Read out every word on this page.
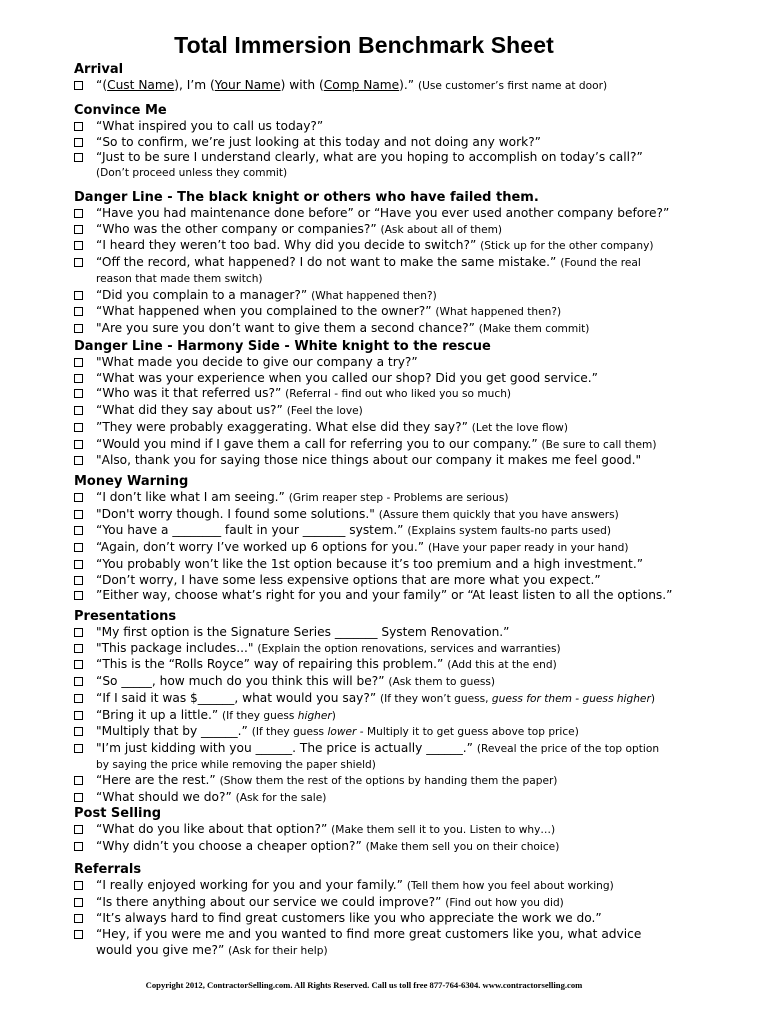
Total Immersion Benchmark Sheet
Arrival
“(Cust Name), I’m (Your Name) with (Comp Name).” (Use customer’s first name at door)
Convince Me
“What inspired you to call us today?”
“So to confirm, we’re just looking at this today and not doing any work?”
“Just to be sure I understand clearly, what are you hoping to accomplish on today’s call?”
(Don’t proceed unless they commit)
Danger Line - The black knight or others who have failed them.
“Have you had maintenance done before” or “Have you ever used another company before?”
“Who was the other company or companies?” (Ask about all of them)
“I heard they weren’t too bad. Why did you decide to switch?” (Stick up for the other company)
“Off the record, what happened? I do not want to make the same mistake.” (Found the real
reason that made them switch)
“Did you complain to a manager?” (What happened then?)
“What happened when you complained to the owner?” (What happened then?)
"Are you sure you don’t want to give them a second chance?” (Make them commit)
Danger Line - Harmony Side - White knight to the rescue
"What made you decide to give our company a try?”
“What was your experience when you called our shop? Did you get good service.”
“Who was it that referred us?” (Referral - find out who liked you so much)
“What did they say about us?” (Feel the love)
”They were probably exaggerating. What else did they say?” (Let the love flow)
“Would you mind if I gave them a call for referring you to our company.” (Be sure to call them)
"Also, thank you for saying those nice things about our company it makes me feel good."
Money Warning
“I don’t like what I am seeing.” (Grim reaper step - Problems are serious)
"Don't worry though. I found some solutions." (Assure them quickly that you have answers)
“You have a ________ fault in your _______ system.” (Explains system faults-no parts used)
“Again, don’t worry I’ve worked up 6 options for you.” (Have your paper ready in your hand)
“You probably won’t like the 1st option because it’s too premium and a high investment.”
“Don’t worry, I have some less expensive options that are more what you expect.”
”Either way, choose what’s right for you and your family” or “At least listen to all the options.”
Presentations
"My first option is the Signature Series _______ System Renovation.”
"This package includes..." (Explain the option renovations, services and warranties)
“This is the “Rolls Royce” way of repairing this problem.” (Add this at the end)
“So _____, how much do you think this will be?” (Ask them to guess)
“If I said it was $______, what would you say?” (If they won’t guess, guess for them - guess higher)
“Bring it up a little.” (If they guess higher)
"Multiply that by ______.” (If they guess lower - Multiply it to get guess above top price)
"I’m just kidding with you ______. The price is actually ______.” (Reveal the price of the top option
by saying the price while removing the paper shield)
“Here are the rest.” (Show them the rest of the options by handing them the paper)
“What should we do?” (Ask for the sale)
Post Selling
“What do you like about that option?” (Make them sell it to you. Listen to why…)
“Why didn’t you choose a cheaper option?” (Make them sell you on their choice)
Referrals
“I really enjoyed working for you and your family.” (Tell them how you feel about working)
“Is there anything about our service we could improve?” (Find out how you did)
“It’s always hard to find great customers like you who appreciate the work we do.”
“Hey, if you were me and you wanted to find more great customers like you, what advice
would you give me?” (Ask for their help)
Copyright 2012, ContractorSelling.com. All Rights Reserved. Call us toll free 877-764-6304. www.contractorselling.com
